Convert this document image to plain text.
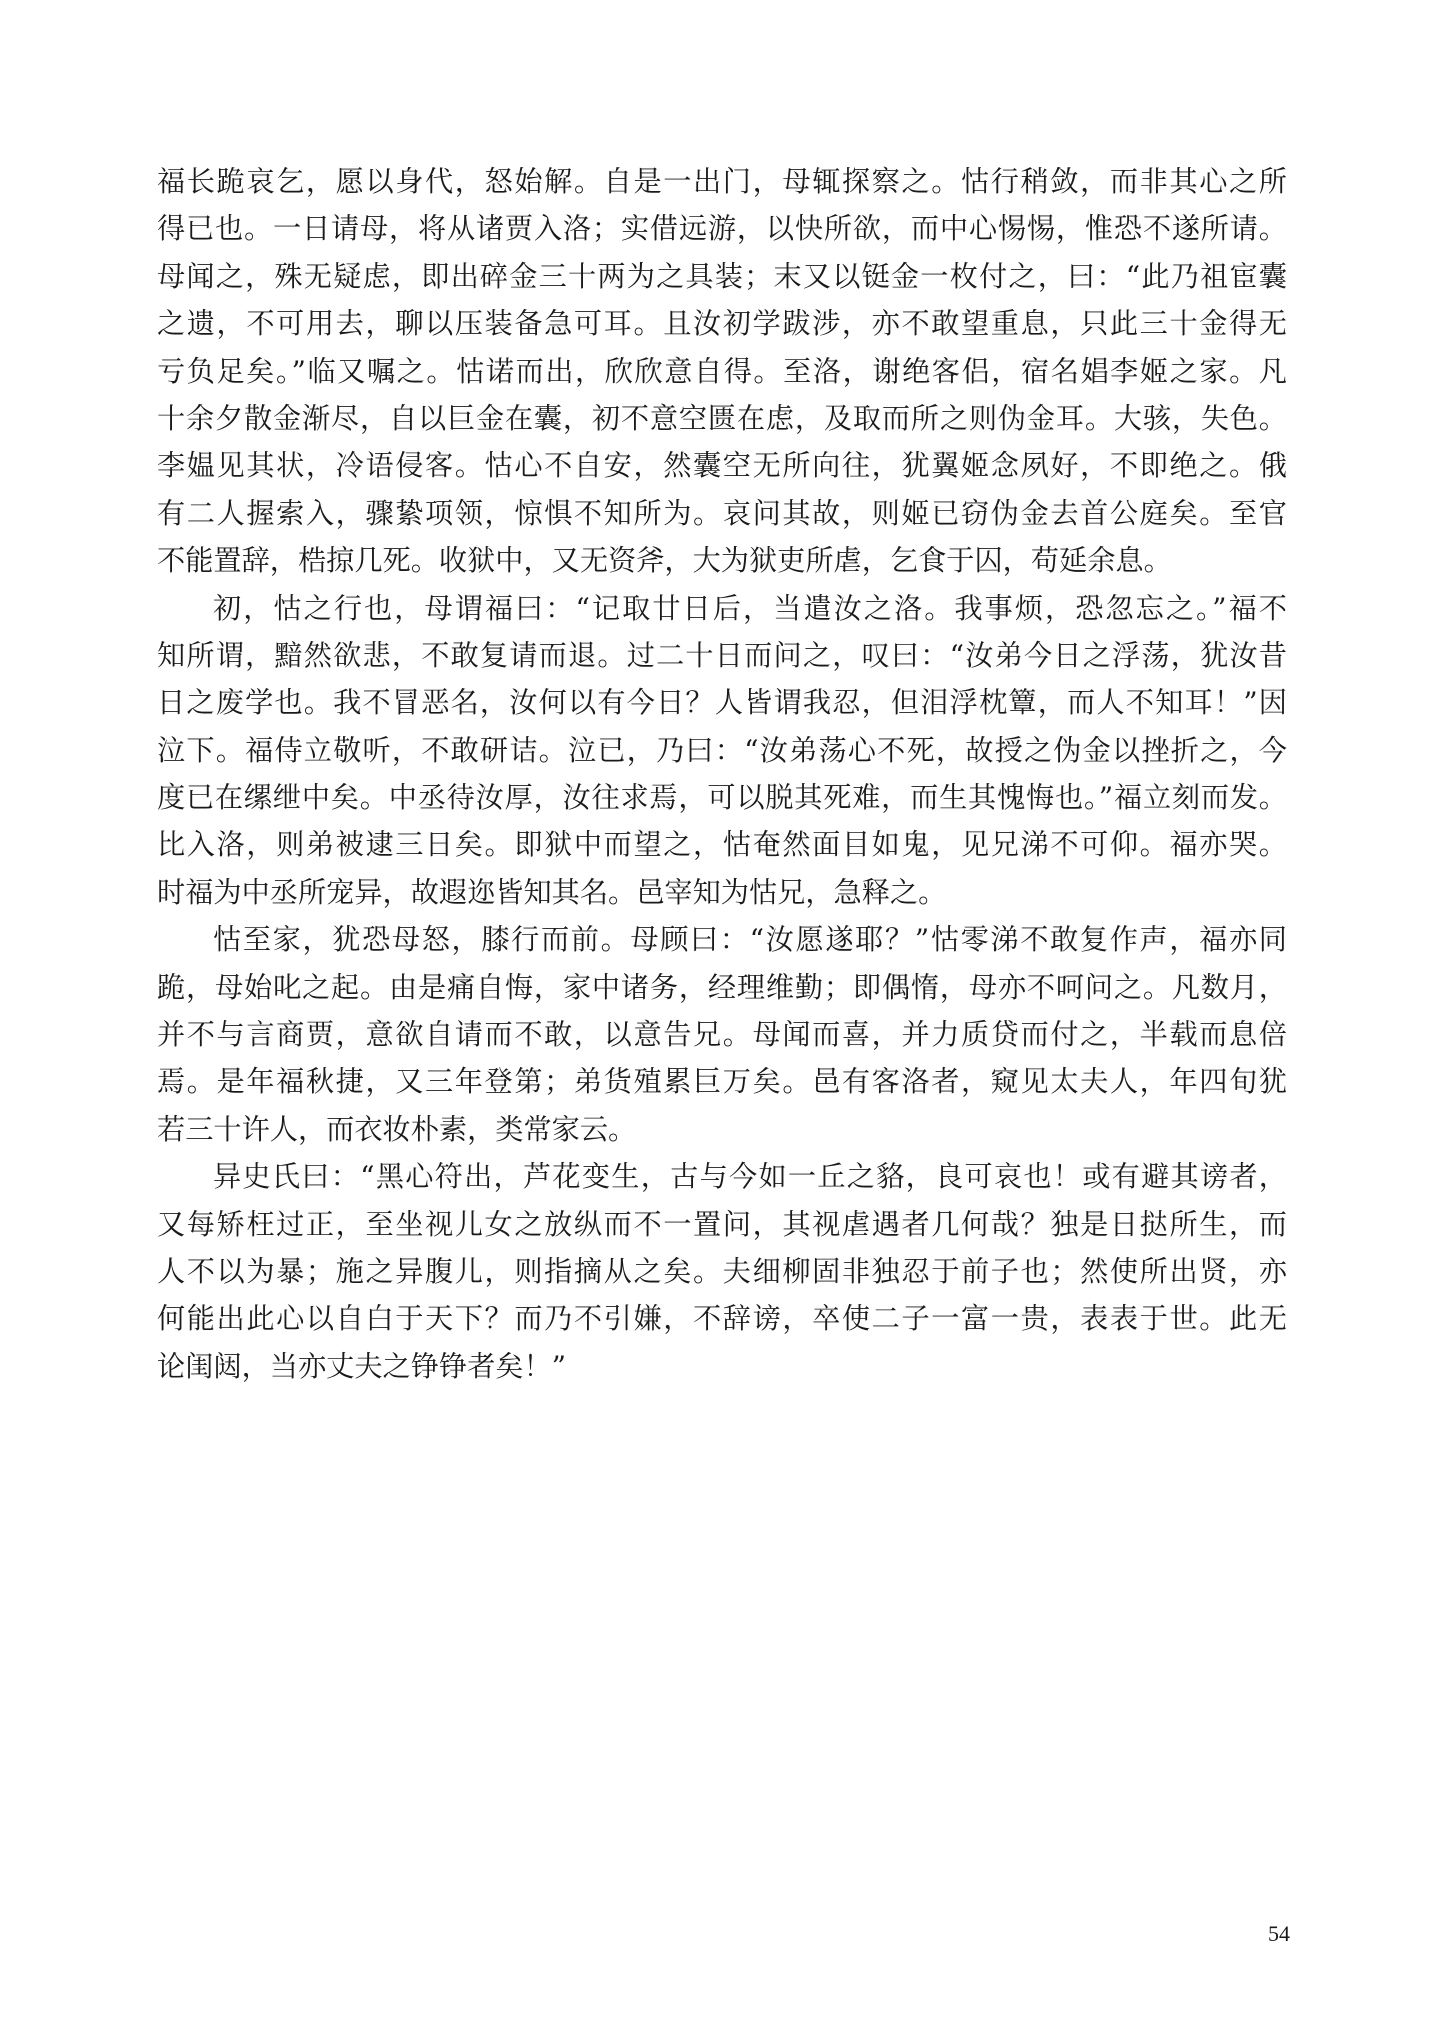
福长跪哀乞，愿以身代，怒始解。自是一出门，母辄探察之。怙行稍敛，而非其心之所
得已也。一日请母，将从诸贾入洛；实借远游，以快所欲，而中心惕惕，惟恐不遂所请。
母闻之，殊无疑虑，即出碎金三十两为之具装；末又以铤金一枚付之，曰：“此乃祖宦囊
之遗，不可用去，聊以压装备急可耳。且汝初学跋涉，亦不敢望重息，只此三十金得无
亏负足矣。”临又嘱之。怙诺而出，欣欣意自得。至洛，谢绝客侣，宿名娼李姬之家。凡
十余夕散金渐尽，自以巨金在囊，初不意空匮在虑，及取而所之则伪金耳。大骇，失色。
李媪见其状，冷语侵客。怙心不自安，然囊空无所向往，犹翼姬念夙好，不即绝之。俄
有二人握索入，骤絷项领，惊惧不知所为。哀问其故，则姬已窃伪金去首公庭矣。至官
不能置辞，梏掠几死。收狱中，又无资斧，大为狱吏所虐，乞食于囚，苟延余息。
初，怙之行也，母谓福曰：“记取廿日后，当遣汝之洛。我事烦，恐忽忘之。”福不
知所谓，黯然欲悲，不敢复请而退。过二十日而问之，叹曰：“汝弟今日之浮荡，犹汝昔
日之废学也。我不冒恶名，汝何以有今日？人皆谓我忍，但泪浮枕簟，而人不知耳！”因
泣下。福侍立敬听，不敢研诘。泣已，乃曰：“汝弟荡心不死，故授之伪金以挫折之，今
度已在缧绁中矣。中丞待汝厚，汝往求焉，可以脱其死难，而生其愧悔也。”福立刻而发。
比入洛，则弟被逮三日矣。即狱中而望之，怙奄然面目如鬼，见兄涕不可仰。福亦哭。
时福为中丞所宠异，故遐迩皆知其名。邑宰知为怙兄，急释之。
怙至家，犹恐母怒，膝行而前。母顾曰：“汝愿遂耶？”怙零涕不敢复作声，福亦同
跪，母始叱之起。由是痛自悔，家中诸务，经理维勤；即偶惰，母亦不呵问之。凡数月，
并不与言商贾，意欲自请而不敢，以意告兄。母闻而喜，并力质贷而付之，半载而息倍
焉。是年福秋捷，又三年登第；弟货殖累巨万矣。邑有客洛者，窥见太夫人，年四旬犹
若三十许人，而衣妆朴素，类常家云。
异史氏曰：“黑心符出，芦花变生，古与今如一丘之貉，良可哀也！或有避其谤者，
又每矫枉过正，至坐视儿女之放纵而不一置问，其视虐遇者几何哉？独是日挞所生，而
人不以为暴；施之异腹儿，则指摘从之矣。夫细柳固非独忍于前子也；然使所出贤，亦
何能出此心以自白于天下？而乃不引嫌，不辞谤，卒使二子一富一贵，表表于世。此无
论闺闼，当亦丈夫之铮铮者矣！”
54
